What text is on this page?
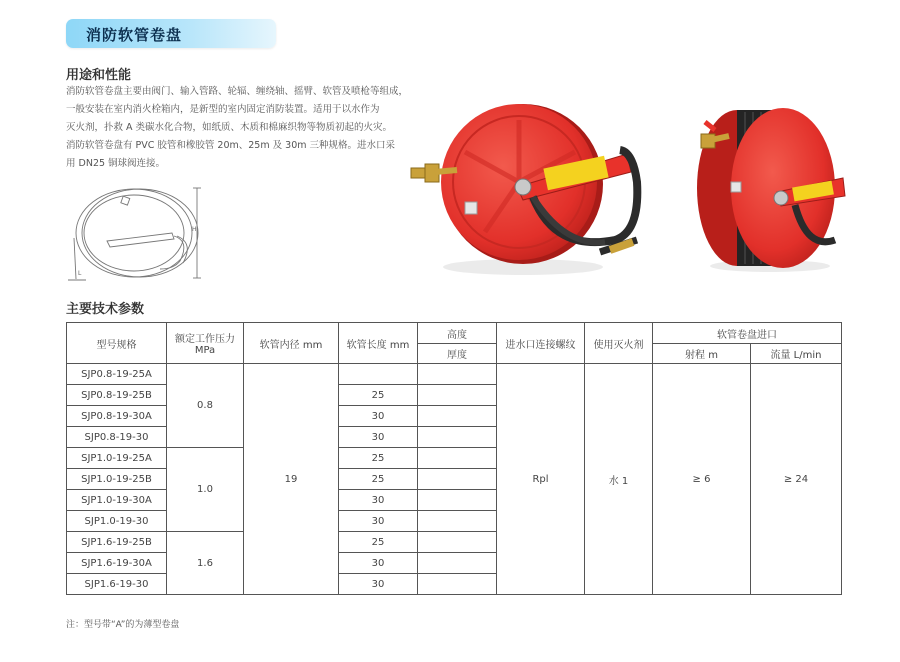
消防软管卷盘
用途和性能
消防软管卷盘主要由阀门、输入管路、轮辐、缠绕轴、摇臂、软管及喷枪等组成，
一般安装在室内消火栓箱内，是新型的室内固定消防装置。适用于以水作为
灭火剂，扑救 A 类碳水化合物，如纸质、木质和棉麻织物等物质初起的火灾。
消防软管卷盘有 PVC 胶管和橡胶管 20m、25m 及 30m 三种规格。进水口采
用 DN25 铜球阀连接。
H
L
主要技术参数
型号规格	额定工作压力 MPa	软管内径 mm	软管长度 mm	高度	进水口连接螺纹	使用灭火剂	软管卷盘进口	
				厚度			射程 m	流量 L/min
SJP0.8-19-25A	0.8	19			Rpl	水 1	≥ 6	≥ 24
SJP0.8-19-25B			25					
SJP0.8-19-30A			30					
SJP0.8-19-30			30					
SJP1.0-19-25A	1.0		25					
SJP1.0-19-25B			25					
SJP1.0-19-30A			30					
SJP1.0-19-30			30					
SJP1.6-19-25B	1.6		25					
SJP1.6-19-30A			30					
SJP1.6-19-30			30					
注：型号带“A”的为薄型卷盘
